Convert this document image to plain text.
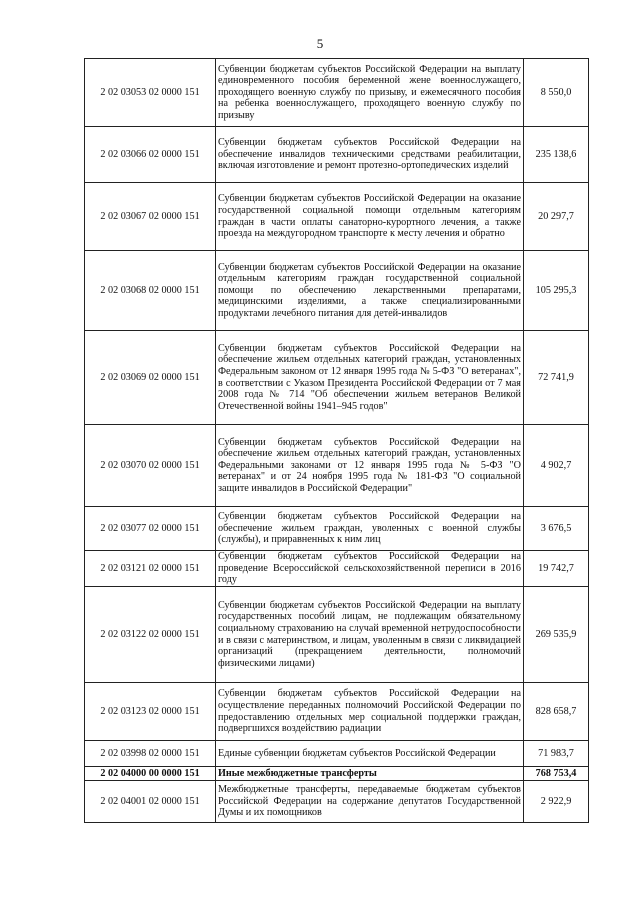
5
2 02 03053 02 0000 151	Субвенции бюджетам субъектов Российской Федерации на выплату единовременного пособия беременной жене военнослужащего, проходящего военную службу по призыву, и ежемесячного пособия на ребенка военнослужащего, проходящего военную службу по призыву	8 550,0
2 02 03066 02 0000 151	Субвенции бюджетам субъектов Российской Федерации на обеспечение инвалидов техническими средствами реабилитации, включая изготовление и ремонт протезно-ортопедических изделий	235 138,6
2 02 03067 02 0000 151	Субвенции бюджетам субъектов Российской Федерации на оказание государственной социальной помощи отдельным категориям граждан в части оплаты санаторно-курортного лечения, а также проезда на междугородном транспорте к месту лечения и обратно	20 297,7
2 02 03068 02 0000 151	Субвенции бюджетам субъектов Российской Федерации на оказание отдельным категориям граждан государственной социальной помощи по обеспечению лекарственными препаратами, медицинскими изделиями, а также специализированными продуктами лечебного питания для детей-инвалидов	105 295,3
2 02 03069 02 0000 151	Субвенции бюджетам субъектов Российской Федерации на обеспечение жильем отдельных категорий граждан, установленных Федеральным законом от 12 января 1995 года № 5-ФЗ "О ветеранах", в соответствии с Указом Президента Российской Федерации от 7 мая 2008 года № 714 "Об обеспечении жильем ветеранов Великой Отечественной войны 1941–945 годов"	72 741,9
2 02 03070 02 0000 151	Субвенции бюджетам субъектов Российской Федерации на обеспечение жильем отдельных категорий граждан, установленных Федеральными законами от 12 января 1995 года № 5-ФЗ "О ветеранах" и от 24 ноября 1995 года № 181-ФЗ "О социальной защите инвалидов в Российской Федерации"	4 902,7
2 02 03077 02 0000 151	Субвенции бюджетам субъектов Российской Федерации на обеспечение жильем граждан, уволенных с военной службы (службы), и приравненных к ним лиц	3 676,5
2 02 03121 02 0000 151	Субвенции бюджетам субъектов Российской Федерации на проведение Всероссийской сельскохозяйственной переписи в 2016 году	19 742,7
2 02 03122 02 0000 151	Субвенции бюджетам субъектов Российской Федерации на выплату государственных пособий лицам, не подлежащим обязательному социальному страхованию на случай временной нетрудоспособности и в связи с материнством, и лицам, уволенным в связи с ликвидацией организаций (прекращением деятельности, полномочий физическими лицами)	269 535,9
2 02 03123 02 0000 151	Субвенции бюджетам субъектов Российской Федерации на осуществление переданных полномочий Российской Федерации по предоставлению отдельных мер социальной поддержки граждан, подвергшихся воздействию радиации	828 658,7
2 02 03998 02 0000 151	Единые субвенции бюджетам субъектов Российской Федерации	71 983,7
2 02 04000 00 0000 151	Иные межбюджетные трансферты	768 753,4
2 02 04001 02 0000 151	Межбюджетные трансферты, передаваемые бюджетам субъектов Российской Федерации на содержание депутатов Государственной Думы и их помощников	2 922,9
